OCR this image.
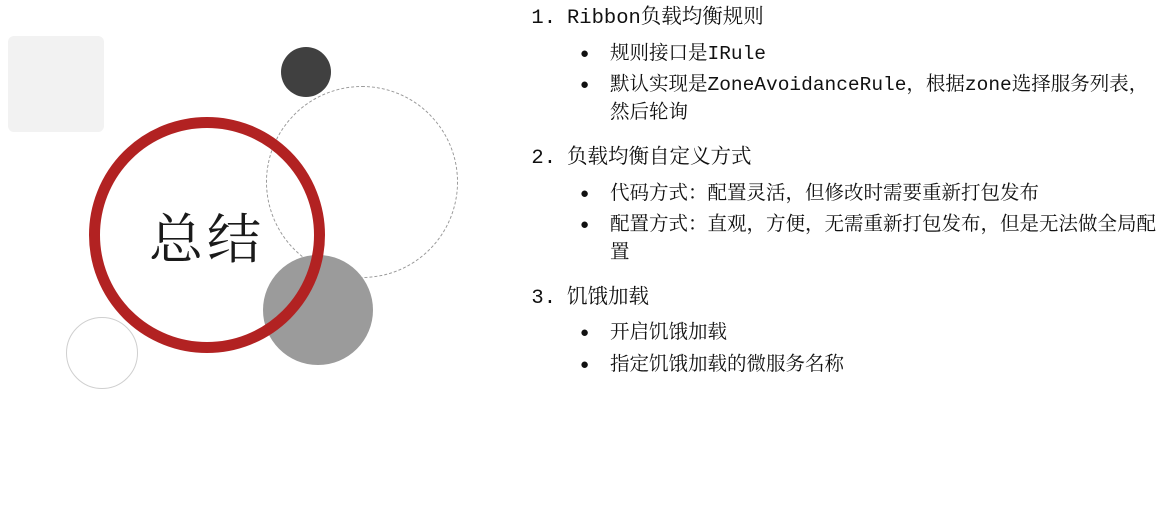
总结
1. Ribbon负载均衡规则
●	规则接口是IRule
●	默认实现是ZoneAvoidanceRule，根据zone选择服务列表，然后轮询
2. 负载均衡自定义方式
●	代码方式：配置灵活，但修改时需要重新打包发布
●	配置方式：直观，方便，无需重新打包发布，但是无法做全局配置
3. 饥饿加载
●	开启饥饿加载
●	指定饥饿加载的微服务名称
